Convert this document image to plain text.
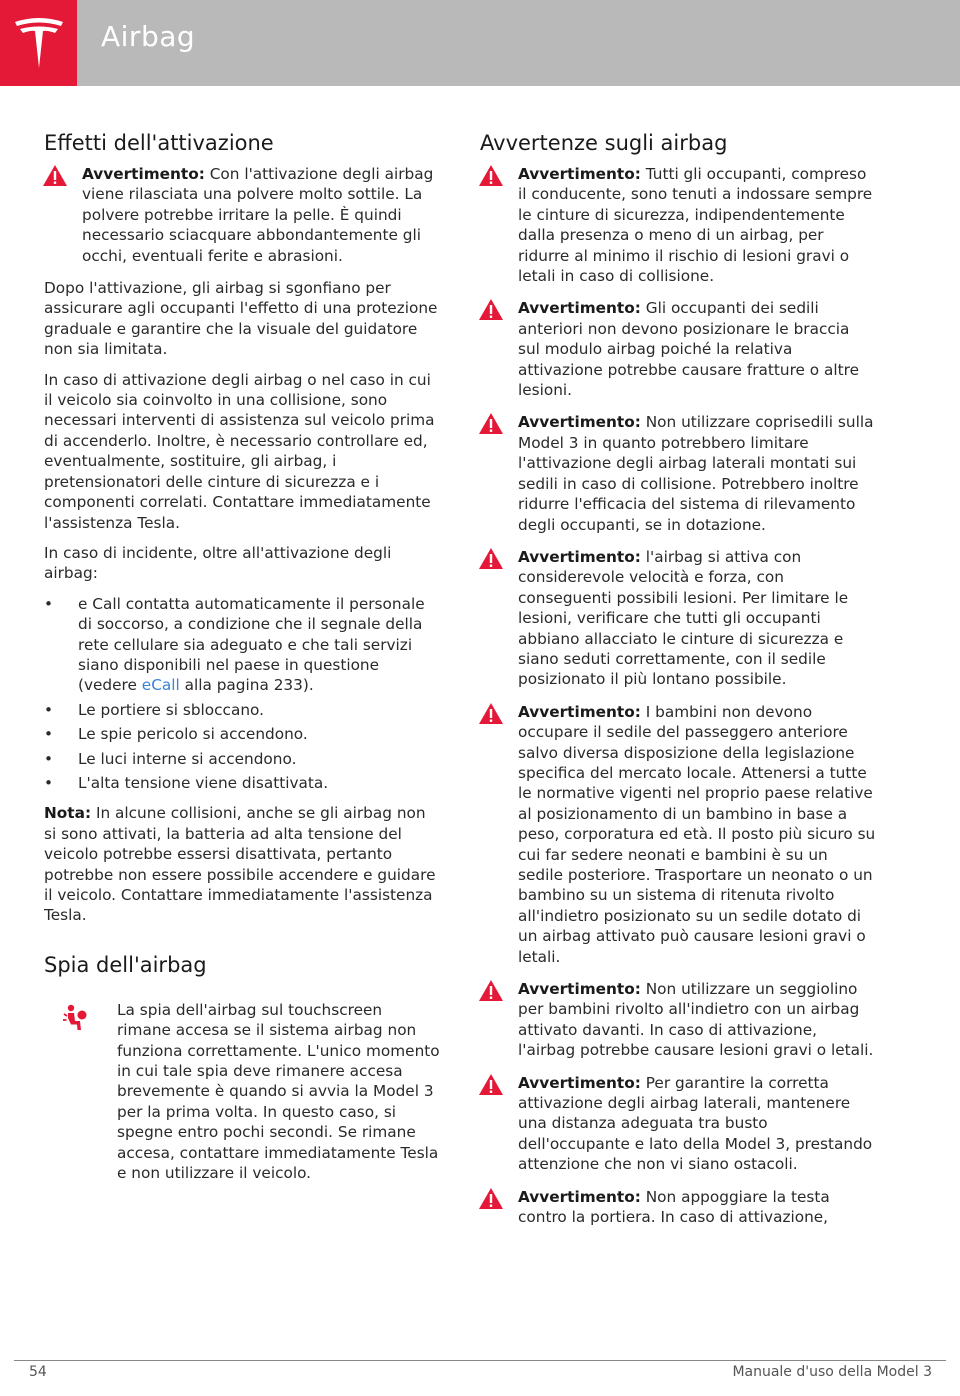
Airbag
Effetti dell'attivazione
Avvertimento: Con l'attivazione degli airbag viene rilasciata una polvere molto sottile. La polvere potrebbe irritare la pelle. È quindi necessario sciacquare abbondantemente gli occhi, eventuali ferite e abrasioni.

Dopo l'attivazione, gli airbag si sgonfiano per assicurare agli occupanti l'effetto di una protezione graduale e garantire che la visuale del guidatore non sia limitata.

In caso di attivazione degli airbag o nel caso in cui il veicolo sia coinvolto in una collisione, sono necessari interventi di assistenza sul veicolo prima di accenderlo. Inoltre, è necessario controllare ed, eventualmente, sostituire, gli airbag, i pretensionatori delle cinture di sicurezza e i componenti correlati. Contattare immediatamente l'assistenza Tesla.

In caso di incidente, oltre all'attivazione degli airbag:

• e Call contatta automaticamente il personale di soccorso, a condizione che il segnale della rete cellulare sia adeguato e che tali servizi siano disponibili nel paese in questione (vedere eCall alla pagina 233).
• Le portiere si sbloccano.
• Le spie pericolo si accendono.
• Le luci interne si accendono.
• L'alta tensione viene disattivata.

Nota: In alcune collisioni, anche se gli airbag non si sono attivati, la batteria ad alta tensione del veicolo potrebbe essersi disattivata, pertanto potrebbe non essere possibile accendere e guidare il veicolo. Contattare immediatamente l'assistenza Tesla.

Spia dell'airbag
La spia dell'airbag sul touchscreen rimane accesa se il sistema airbag non funziona correttamente. L'unico momento in cui tale spia deve rimanere accesa brevemente è quando si avvia la Model 3 per la prima volta. In questo caso, si spegne entro pochi secondi. Se rimane accesa, contattare immediatamente Tesla e non utilizzare il veicolo.
Avvertenze sugli airbag
Avvertimento: Tutti gli occupanti, compreso il conducente, sono tenuti a indossare sempre le cinture di sicurezza, indipendentemente dalla presenza o meno di un airbag, per ridurre al minimo il rischio di lesioni gravi o letali in caso di collisione.
Avvertimento: Gli occupanti dei sedili anteriori non devono posizionare le braccia sul modulo airbag poiché la relativa attivazione potrebbe causare fratture o altre lesioni.
Avvertimento: Non utilizzare coprisedili sulla Model 3 in quanto potrebbero limitare l'attivazione degli airbag laterali montati sui sedili in caso di collisione. Potrebbero inoltre ridurre l'efficacia del sistema di rilevamento degli occupanti, se in dotazione.
Avvertimento: l'airbag si attiva con considerevole velocità e forza, con conseguenti possibili lesioni. Per limitare le lesioni, verificare che tutti gli occupanti abbiano allacciato le cinture di sicurezza e siano seduti correttamente, con il sedile posizionato il più lontano possibile.
Avvertimento: I bambini non devono occupare il sedile del passeggero anteriore salvo diversa disposizione della legislazione specifica del mercato locale. Attenersi a tutte le normative vigenti nel proprio paese relative al posizionamento di un bambino in base a peso, corporatura ed età. Il posto più sicuro su cui far sedere neonati e bambini è su un sedile posteriore. Trasportare un neonato o un bambino su un sistema di ritenuta rivolto all'indietro posizionato su un sedile dotato di un airbag attivato può causare lesioni gravi o letali.
Avvertimento: Non utilizzare un seggiolino per bambini rivolto all'indietro con un airbag attivato davanti. In caso di attivazione, l'airbag potrebbe causare lesioni gravi o letali.
Avvertimento: Per garantire la corretta attivazione degli airbag laterali, mantenere una distanza adeguata tra busto dell'occupante e lato della Model 3, prestando attenzione che non vi siano ostacoli.
Avvertimento: Non appoggiare la testa contro la portiera. In caso di attivazione,
54	Manuale d'uso della Model 3
